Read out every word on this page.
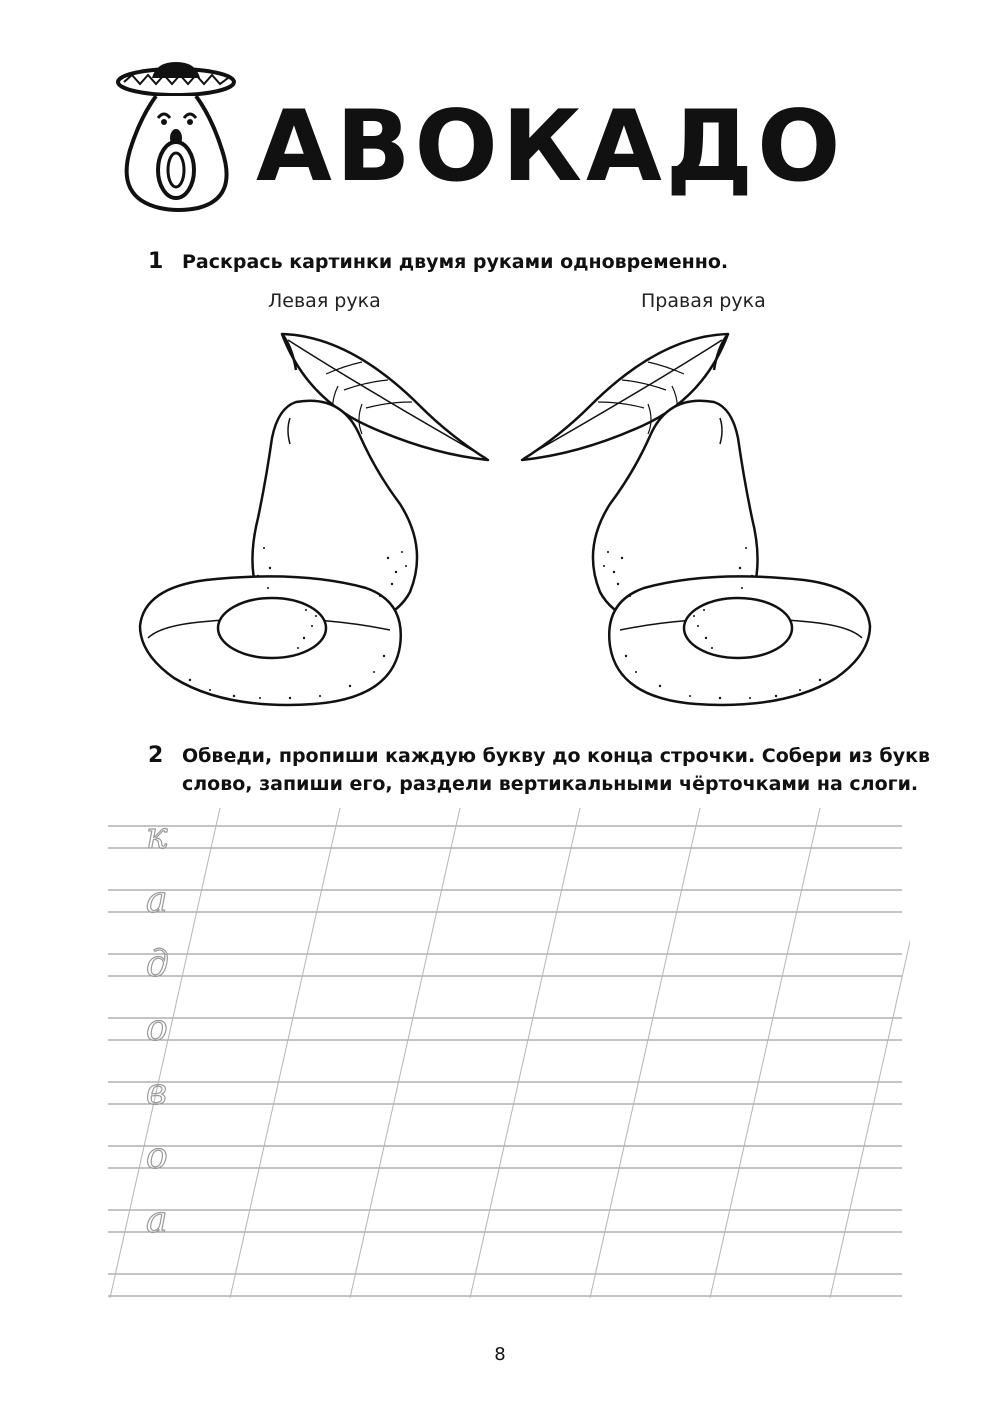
АВОКАДО
1 Раскрась картинки двумя руками одновременно.
Левая рука	Правая рука
2 Обведи, пропиши каждую букву до конца строчки. Собери из букв
слово, запиши его, раздели вертикальными чёрточками на слоги.
к
а
д
о
в
о
а
8
